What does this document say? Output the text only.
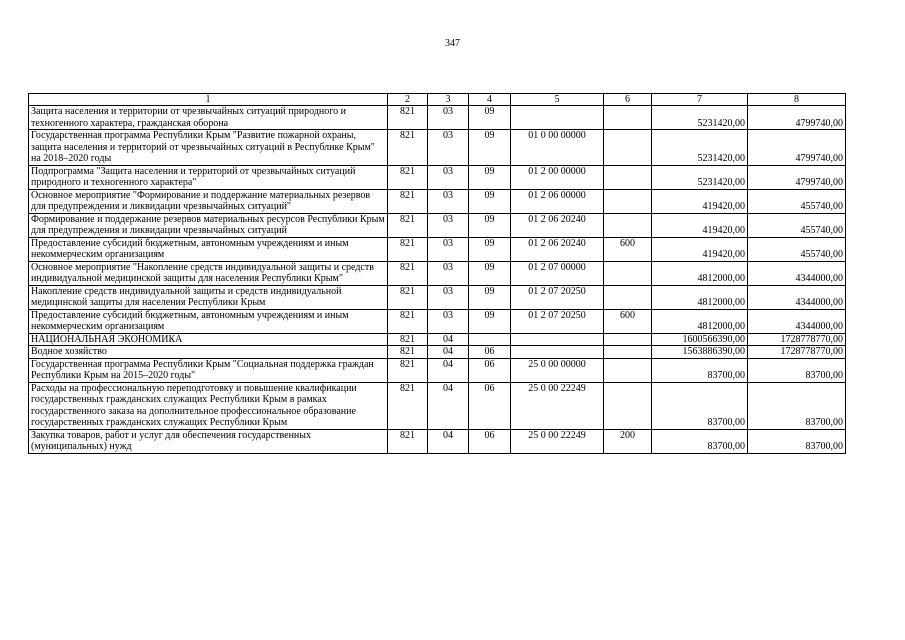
347
1	2	3	4	5	6	7	8
Защита населения и территории от чрезвычайных ситуаций природного и техногенного характера, гражданская оборона	821	03	09			5231420,00	4799740,00
Государственная программа Республики Крым "Развитие пожарной охраны, защита населения и территорий от чрезвычайных ситуаций в Республике Крым" на 2018–2020 годы	821	03	09	01 0 00 00000		5231420,00	4799740,00
Подпрограмма "Защита населения и территорий от чрезвычайных ситуаций природного и техногенного характера"	821	03	09	01 2 00 00000		5231420,00	4799740,00
Основное мероприятие "Формирование и поддержание материальных резервов для предупреждения и ликвидации чрезвычайных ситуаций"	821	03	09	01 2 06 00000		419420,00	455740,00
Формирование и поддержание резервов материальных ресурсов Республики Крым для предупреждения и ликвидации чрезвычайных ситуаций	821	03	09	01 2 06 20240		419420,00	455740,00
Предоставление субсидий бюджетным, автономным учреждениям и иным некоммерческим организациям	821	03	09	01 2 06 20240	600	419420,00	455740,00
Основное мероприятие "Накопление средств индивидуальной защиты и средств индивидуальной медицинской защиты для населения Республики Крым"	821	03	09	01 2 07 00000		4812000,00	4344000,00
Накопление средств индивидуальной защиты и средств индивидуальной медицинской защиты для населения Республики Крым	821	03	09	01 2 07 20250		4812000,00	4344000,00
Предоставление субсидий бюджетным, автономным учреждениям и иным некоммерческим организациям	821	03	09	01 2 07 20250	600	4812000,00	4344000,00
НАЦИОНАЛЬНАЯ ЭКОНОМИКА	821	04				1600566390,00	1728778770,00
Водное хозяйство	821	04	06			1563886390,00	1728778770,00
Государственная программа Республики Крым "Социальная поддержка граждан Республики Крым на 2015–2020 годы"	821	04	06	25 0 00 00000		83700,00	83700,00
Расходы на профессиональную переподготовку и повышение квалификации государственных гражданских служащих Республики Крым в рамках государственного заказа на дополнительное профессиональное образование государственных гражданских служащих Республики Крым	821	04	06	25 0 00 22249		83700,00	83700,00
Закупка товаров, работ и услуг для обеспечения государственных (муниципальных) нужд	821	04	06	25 0 00 22249	200	83700,00	83700,00
